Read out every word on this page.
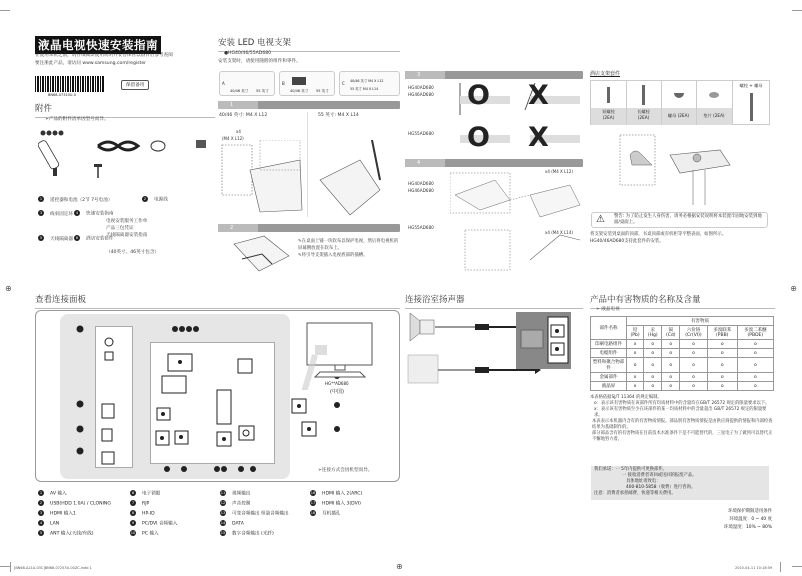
⊕	⊕
液晶电视快速安装指南
在使用本机之前，请仔细阅读使用说明并妥善保管以备日后参考查阅
要注册此产品，请访问 www.samsung.com/register
BN68-07310U-0
保留备用
附件
➢产品的附件清单因型号而异。
1 遥控器和电池（2节 7号电池）	2 电源线
3 线束固定环 4 快速安装指南
电视安装服务工作单
产品三包凭证
天线隔离器安装指南
5 天线隔离器 6 酒店安装套件
（40英寸、46英寸包含）
安装 LED 电视支架
●HG40/46/55AD680
安装支架时，请使用随附的组件和零件。
A
40/46 英寸 55 英寸
B
40/46 英寸 55 英寸
C 40/46 英寸 M4 X L12
55 英寸 M4 X L14
1
40/46 英寸: M4 X L12	55 英寸: M4 X L14
x4
(M4 X L12)
2
✎在桌面上铺一块软布以保护电视，然后将电视机的屏幕侧放置在软布上。
✎将引导支架插入电视底部的插槽。
3
HG40AD680
HG46AD680
HG55AD680
O X
O X
4
HG40AD680
HG46AD680
HG55AD680
x4 (M4 X L12)
x4 (M4 X L14)
酒店支架套件
短螺栓
(2EA)
长螺栓
(2EA)	螺母 (2EA)	垫片 (2EA)
螺栓 + 螺母
⚠ 警告: 为了防止发生人身伤害，请务必根据安装说明将本装置牢固地安装到地面/桌面上。
将支架安装到桌面的顶部，书桌顶部或有机柜等平整表面，如图所示。
HG40/46AD680支持此套件的安装。
查看连接面板
HG**AD680
(中国)
➢连接方式会因机型而异。
1 AV 输入
2 USB(HDD 1.0A) / CLONING
3 HDMI 输入1
4 LAN
5 ANT 输入(天线/有线)
6 电子锁眼
7 RJP
8 HP-ID
9 PC/DVI 音频输入
10 PC 输入
11 视频输出
12 声音控制
13 可变音频输出 恒量音频输出
14 DATA
15 数字音频输出 (光纤)
16 HDMI 输入 2(ARC)
17 HDMI 输入 3(DVI)
18 耳机插孔
连接浴室扬声器	产品中有害物质的名称及含量
➢ 液晶电视
部件名称	有害物质					
	铅
(Pb)	汞
(Hg)	镉
(Cd)	六价铬
(Cr(VI))	多溴联苯
(PBB)	多溴二苯醚
(PBDE)
印刷电路组件	x	o	o	o	o	o
电缆组件	x	o	o	o	o	o
塑料和聚合物部件	o	o	o	o	o	o
金属部件	x	o	o	o	o	o
液晶屏	x	o	o	o	o	o
本表格依据SJ/T 11364 的规定编制。
o：表示该有害物质在该部件所有均质材料中的含量均在GB/T 26572 规定的限量要求以下。
x：表示该有害物质至少在该部件的某一均质材料中的含量超出 GB/T 26572 规定的限量要求。
本表表示本机器内含有的有害物质情报。部品别有害物质情报是由供应商提供的情报和内部检查结果为基础制作的。
部分部品含有的有害物质在目前技术水准条件下是不可能替代的，三星电子为了做到可以替代正不懈地努力着。
我们承诺：一 5年内提供可更换部件。
一 接收消费者寄回或送回的报废产品。
具体地址请致电：
400-810-5858（收费）进行咨询。
注意：消费者承担邮费、快递等相关费用。
环境保护期限适用条件
环境温度：0 ~ 40 度
环境湿度：10% ~ 80%
[BN68-A21A-03C]BN68-07253U-00ZC.indd 1	⊕	2010-04-11 10:18:59
